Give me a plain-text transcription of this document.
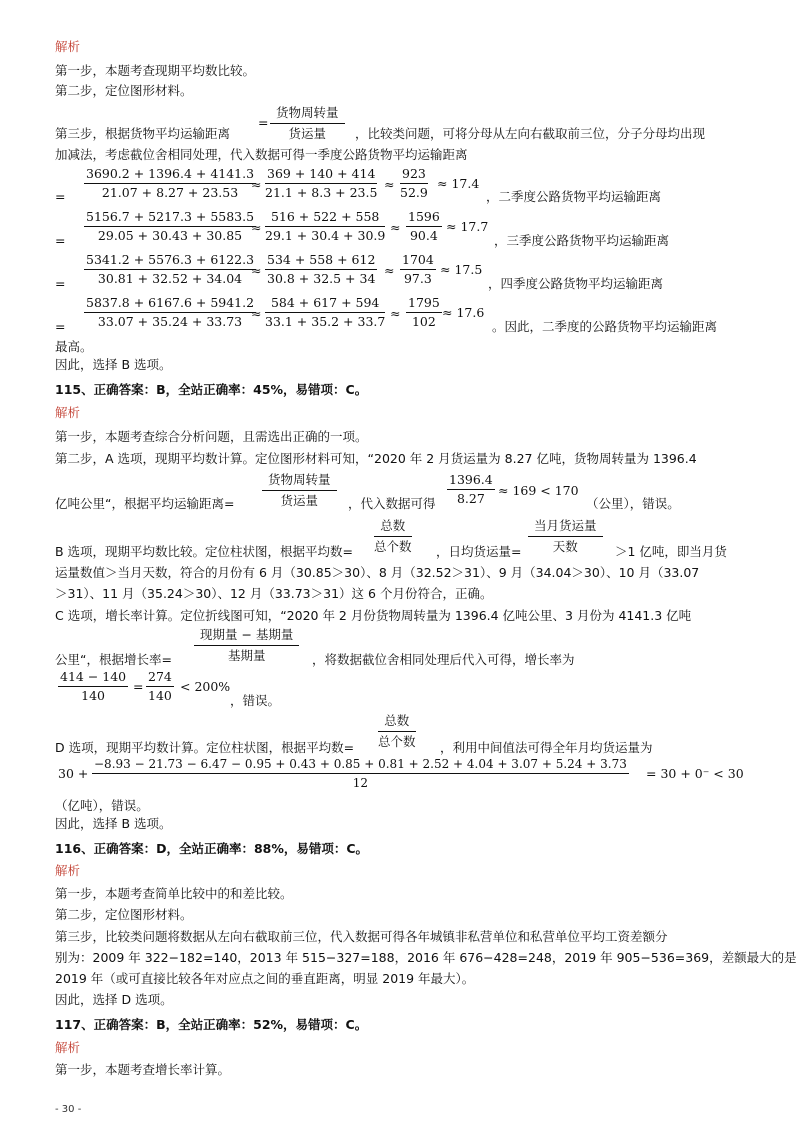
解析
第一步，本题考查现期平均数比较。
第二步，定位图形材料。
第三步，根据货物平均运输距离
=
货物周转量
货运量	，比较类问题，可将分母从左向右截取前三位，分子分母均出现
加减法，考虑截位舍相同处理，代入数据可得一季度公路货物平均运输距离
= $\frac{3690.2 + 1396.4 + 4141.3}{21.07 + 8.27 + 23.53}$
≈ $\frac{369 + 140 + 414}{21.1 + 8.3 + 23.5} \approx \frac{923}{52.9} \approx 17.4$
，二季度公路货物平均运输距离
= $\frac{5156.7 + 5217.3 + 5583.5}{29.05 + 30.43 + 30.85}$
≈ $\frac{516 + 522 + 558}{29.1 + 30.4 + 30.9} \approx \frac{1596}{90.4} \approx 17.7$
，三季度公路货物平均运输距离
= $\frac{5341.2 + 5576.3 + 6122.3}{30.81 + 32.52 + 34.04}$
≈ $\frac{534 + 558 + 612}{30.8 + 32.5 + 34} \approx \frac{1704}{97.3} \approx 17.5$
，四季度公路货物平均运输距离
= $\frac{5837.8 + 6167.6 + 5941.2}{33.07 + 35.24 + 33.73}$
≈ $\frac{584 + 617 + 594}{33.1 + 35.2 + 33.7} \approx \frac{1795}{102} \approx 17.6$
。因此，二季度的公路货物平均运输距离
最高。
因此，选择 B 选项。
115、正确答案：B，全站正确率：45%，易错项：C。
解析
第一步，本题考查综合分析问题，且需选出正确的一项。
第二步，A 选项，现期平均数计算。定位图形材料可知，“2020 年 2 月货运量为 8.27 亿吨，货物周转量为 1396.4
亿吨公里“，根据平均运输距离=
货物周转量
货运量	，代入数据可得 $\frac{1396.4}{8.27} \approx 169 < 170$
（公里），错误。
B 选项，现期平均数比较。定位柱状图，根据平均数=
总数
总个数 ，日均货运量=
当月货运量
天数	＞1 亿吨，即当月货
运量数值＞当月天数，符合的月份有 6 月（30.85＞30）、8 月（32.52＞31）、9 月（34.04＞30）、10 月（33.07
＞31）、11 月（35.24＞30）、12 月（33.73＞31）这 6 个月份符合，正确。
C 选项，增长率计算。定位折线图可知，“2020 年 2 月份货物周转量为 1396.4 亿吨公里、3 月份为 4141.3 亿吨
公里“，根据增长率=
现期量 − 基期量
基期量	，将数据截位舍相同处理后代入可得，增长率为
$\frac{414 - 140}{140} = \frac{274}{140} < 200\%$
，错误。
D 选项，现期平均数计算。定位柱状图，根据平均数=
总数
总个数 ，利用中间值法可得全年月均货运量为
30 +
−8.93 − 21.73 − 6.47 − 0.95 + 0.43 + 0.85 + 0.81 + 2.52 + 4.04 + 3.07 + 5.24 + 3.73
12
= 30 + 0⁻ < 30
（亿吨），错误。
因此，选择 B 选项。
116、正确答案：D，全站正确率：88%，易错项：C。
解析
第一步，本题考查简单比较中的和差比较。
第二步，定位图形材料。
第三步，比较类问题将数据从左向右截取前三位，代入数据可得各年城镇非私营单位和私营单位平均工资差额分
别为：2009 年 322−182=140，2013 年 515−327=188，2016 年 676−428=248，2019 年 905−536=369，差额最大的是
2019 年（或可直接比较各年对应点之间的垂直距离，明显 2019 年最大）。
因此，选择 D 选项。
117、正确答案：B，全站正确率：52%，易错项：C。
解析
第一步，本题考查增长率计算。
- 30 -
